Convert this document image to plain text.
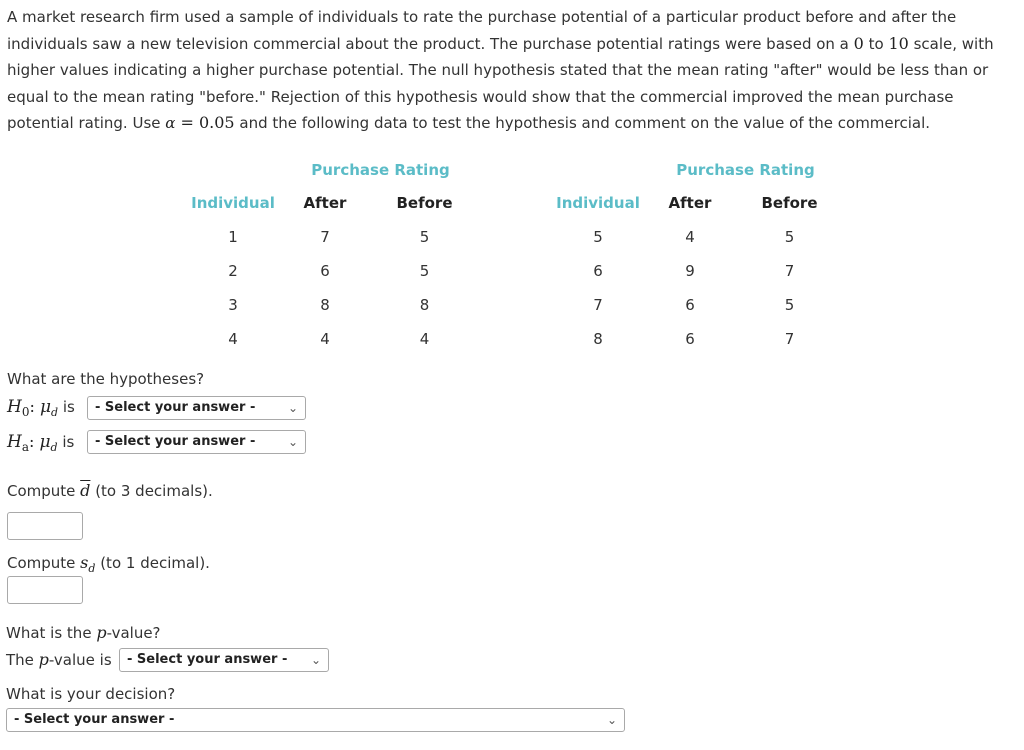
A market research firm used a sample of individuals to rate the purchase potential of a particular product before and after the individuals saw a new television commercial about the product. The purchase potential ratings were based on a 0 to 10 scale, with higher values indicating a higher purchase potential. The null hypothesis stated that the mean rating "after" would be less than or equal to the mean rating "before." Rejection of this hypothesis would show that the commercial improved the mean purchase potential rating. Use α = 0.05 and the following data to test the hypothesis and comment on the value of the commercial.

	Purchase Rating	
Individual	After	Before
1	7	5
2	6	5
3	8	8
4	4	4
	Purchase Rating	
Individual	After	Before
5	4	5
6	9	7
7	6	5
8	6	7

What are the hypotheses?

$H_0$: $\mu_d$ is	- Select your answer -	⌄
$H_a$: $\mu_d$ is	- Select your answer -	⌄

Compute $\overline{d}$ (to 3 decimals).

Compute $s_d$ (to 1 decimal).

What is the p-value?

The p-value is	- Select your answer - ⌄

What is your decision?

- Select your answer -	⌄
